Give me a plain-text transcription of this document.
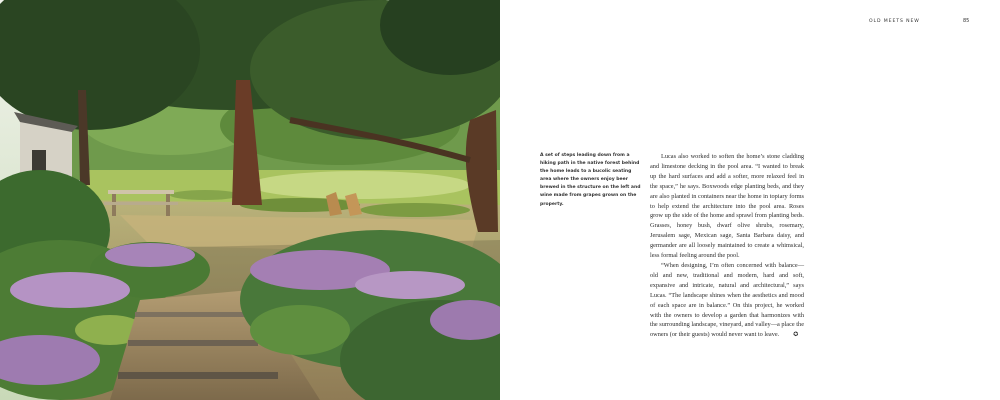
OLD MEETS NEW	85
A set of steps leading down from a hiking path in the native forest behind the home leads to a bucolic seating area where the owners enjoy beer brewed in the structure on the left and wine made from grapes grown on the property.

Lucas also worked to soften the home’s stone cladding and limestone decking in the pool area. “I wanted to break up the hard surfaces and add a softer, more relaxed feel in the space,” he says. Boxwoods edge planting beds, and they are also planted in containers near the home in topiary forms to help extend the architecture into the pool area. Roses grow up the side of the home and sprawl from planting beds. Grasses, honey bush, dwarf olive shrubs, rosemary, Jerusalem sage, Mexican sage, Santa Barbara daisy, and germander are all loosely maintained to create a whimsical, less formal feeling around the pool.

“When designing, I’m often concerned with balance—old and new, traditional and modern, hard and soft, expansive and intricate, natural and architectural,” says Lucas. “The landscape shines when the aesthetics and mood of each space are in balance.” On this project, he worked with the owners to develop a garden that harmonizes with the surrounding landscape, vineyard, and valley—a place the owners (or their guests) would never want to leave. ✪
